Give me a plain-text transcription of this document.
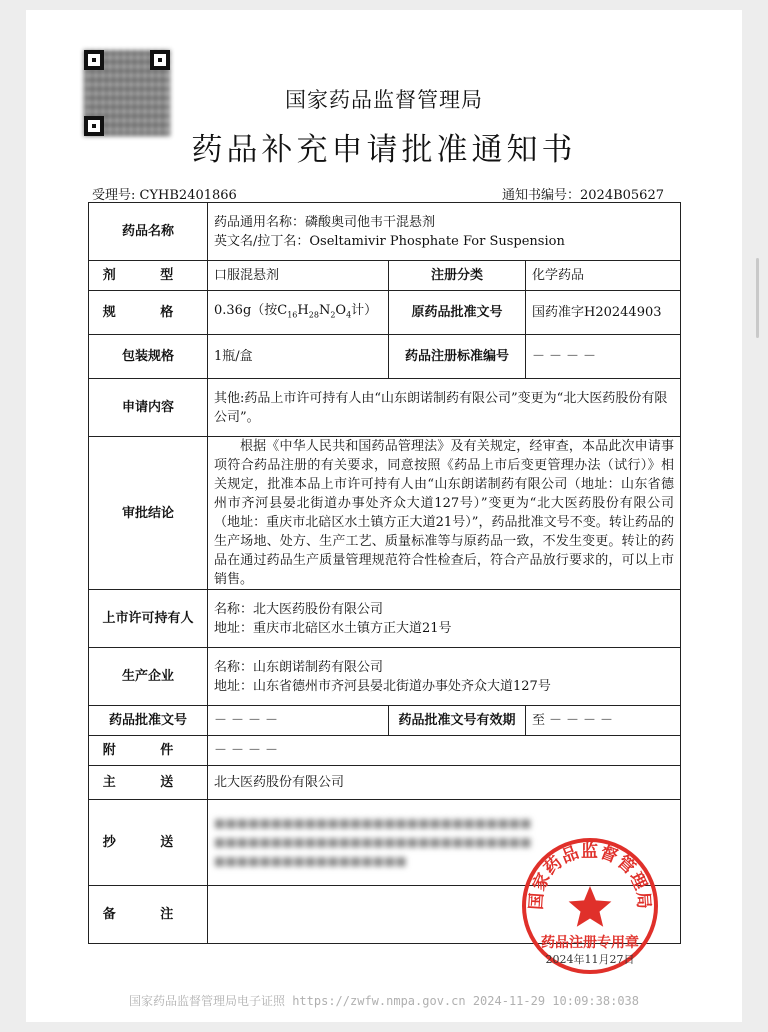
国家药品监督管理局
药品补充申请批准通知书
受理号: CYHB2401866	通知书编号：2024B05627
药品名称	药品通用名称：磷酸奥司他韦干混悬剂
英文名/拉丁名：Oseltamivir Phosphate For Suspension		

剂 型	口服混悬剂	注册分类	化学药品
规 格	0.36g（按$C_{16}H_{28}N_2O_4$计）	原药品批准文号	国药准字H20244903
包装规格	1瓶/盒	药品注册标准编号	－－－－
申请内容	其他:药品上市许可持有人由“山东朗诺制药有限公司”变更为“北大医药股份有限公司”。		
审批结论	根据《中华人民共和国药品管理法》及有关规定，经审查，本品此次申请事项符合药品注册的有关要求，同意按照《药品上市后变更管理办法（试行）》相关规定，批准本品上市许可持有人由“山东朗诺制药有限公司（地址：山东省德州市齐河县晏北街道办事处齐众大道127号）”变更为“北大医药股份有限公司（地址：重庆市北碚区水土镇方正大道21号）”，药品批准文号不变。转让药品的生产场地、处方、生产工艺、质量标准等与原药品一致，不发生变更。转让的药品在通过药品生产质量管理规范符合性检查后，符合产品放行要求的，可以上市销售。		
上市许可持有人	名称：北大医药股份有限公司
地址：重庆市北碚区水土镇方正大道21号		

生产企业	名称：山东朗诺制药有限公司
地址：山东省德州市齐河县晏北街道办事处齐众大道127号		

药品批准文号	－－－－	药品批准文号有效期	至－－－－
附 件	－－－－		
主 送	北大医药股份有限公司		
抄 送	■■■■■■■■■■■■■■■■■■■■■■■■■■■■
■■■■■■■■■■■■■■■■■■■■■■■■■■■■
■■■■■■■■■■■■■■■■■		

备 注			
国家药品监督管理局
药品注册专用章
2024年11月27日
国家药品监督管理局电子证照 https://zwfw.nmpa.gov.cn 2024-11-29 10:09:38:038
